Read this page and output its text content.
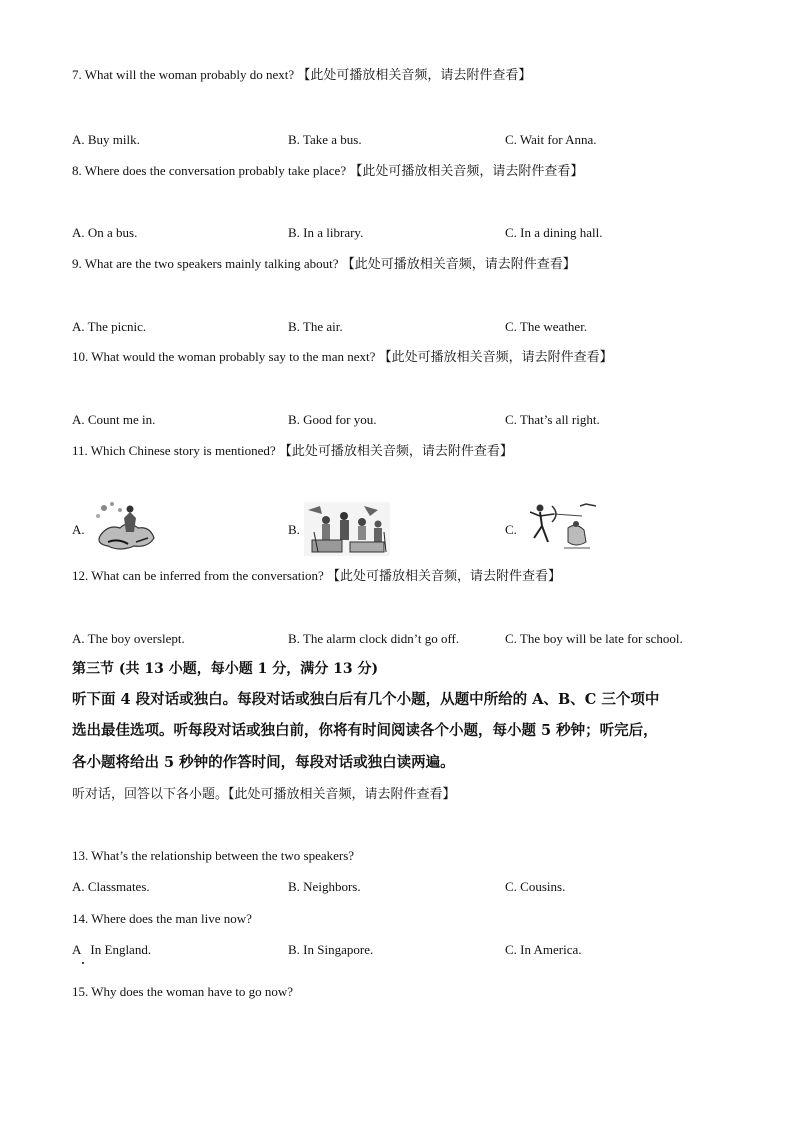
7. What will the woman probably do next? 【此处可播放相关音频，请去附件查看】
A. Buy milk.	B. Take a bus.	C. Wait for Anna.
8. Where does the conversation probably take place? 【此处可播放相关音频，请去附件查看】
A. On a bus.	B. In a library.	C. In a dining hall.
9. What are the two speakers mainly talking about? 【此处可播放相关音频，请去附件查看】
A. The picnic.	B. The air.	C. The weather.
10. What would the woman probably say to the man next? 【此处可播放相关音频，请去附件查看】
A. Count me in.	B. Good for you.	C. That’s all right.
11. Which Chinese story is mentioned? 【此处可播放相关音频，请去附件查看】
A.	B.	C.
12. What can be inferred from the conversation? 【此处可播放相关音频，请去附件查看】
A. The boy overslept.	B. The alarm clock didn’t go off.	C. The boy will be late for school.
第三节 (共 13 小题，每小题 1 分，满分 13 分)
听下面 4 段对话或独白。每段对话或独白后有几个小题，从题中所给的 A、B、C 三个项中
选出最佳选项。听每段对话或独白前，你将有时间阅读各个小题，每小题 5 秒钟；听完后，
各小题将给出 5 秒钟的作答时间，每段对话或独白读两遍。
听对话，回答以下各小题。【此处可播放相关音频，请去附件查看】
13. What’s the relationship between the two speakers?
A. Classmates.	B. Neighbors.	C. Cousins.
14. Where does the man live now?
A   In England.	B. In Singapore.	C. In America.
15. Why does the woman have to go now?
